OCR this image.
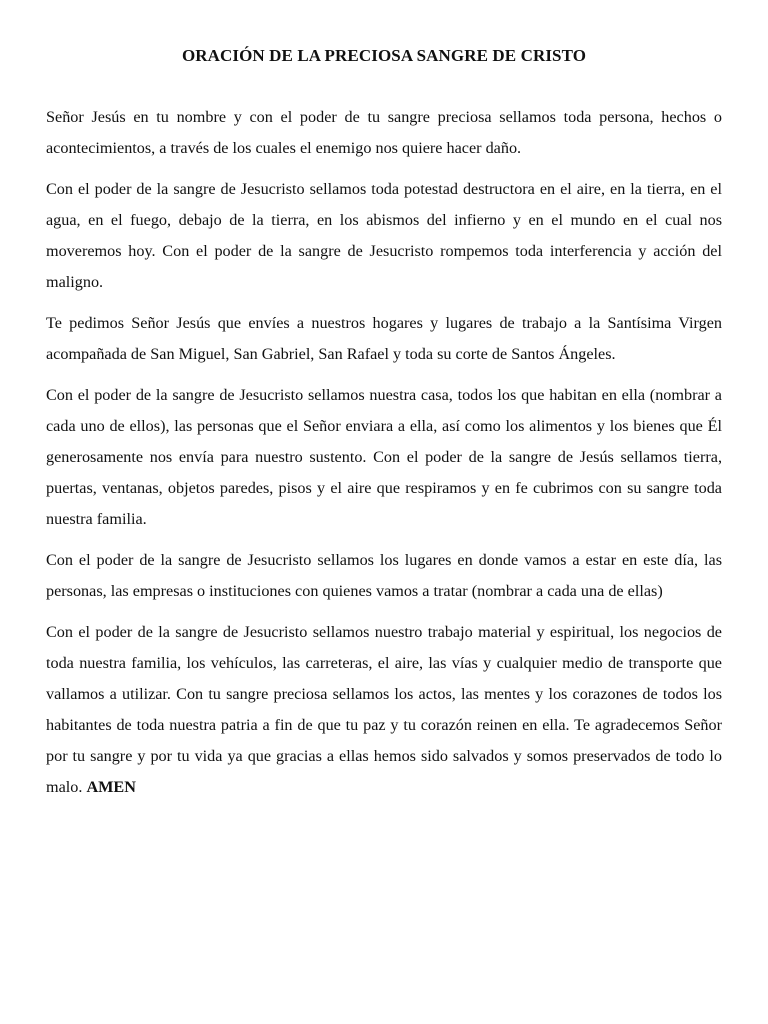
ORACIÓN DE LA PRECIOSA SANGRE DE CRISTO

Señor Jesús en tu nombre y con el poder de tu sangre preciosa sellamos toda persona, hechos o acontecimientos, a través de los cuales el enemigo nos quiere hacer daño.

Con el poder de la sangre de Jesucristo sellamos toda potestad destructora en el aire, en la tierra, en el agua, en el fuego, debajo de la tierra, en los abismos del infierno y en el mundo en el cual nos moveremos hoy. Con el poder de la sangre de Jesucristo rompemos toda interferencia y acción del maligno.

Te pedimos Señor Jesús que envíes a nuestros hogares y lugares de trabajo a la Santísima Virgen acompañada de San Miguel, San Gabriel, San Rafael y toda su corte de Santos Ángeles.

Con el poder de la sangre de Jesucristo sellamos nuestra casa, todos los que habitan en ella (nombrar a cada uno de ellos), las personas que el Señor enviara a ella, así como los alimentos y los bienes que Él generosamente nos envía para nuestro sustento. Con el poder de la sangre de Jesús sellamos tierra, puertas, ventanas, objetos paredes, pisos y el aire que respiramos y en fe cubrimos con su sangre toda nuestra familia.

Con el poder de la sangre de Jesucristo sellamos los lugares en donde vamos a estar en este día, las personas, las empresas o instituciones con quienes vamos a tratar (nombrar a cada una de ellas)

Con el poder de la sangre de Jesucristo sellamos nuestro trabajo material y espiritual, los negocios de toda nuestra familia, los vehículos, las carreteras, el aire, las vías y cualquier medio de transporte que vallamos a utilizar. Con tu sangre preciosa sellamos los actos, las mentes y los corazones de todos los habitantes de toda nuestra patria a fin de que tu paz y tu corazón reinen en ella. Te agradecemos Señor por tu sangre y por tu vida ya que gracias a ellas hemos sido salvados y somos preservados de todo lo malo. AMEN
